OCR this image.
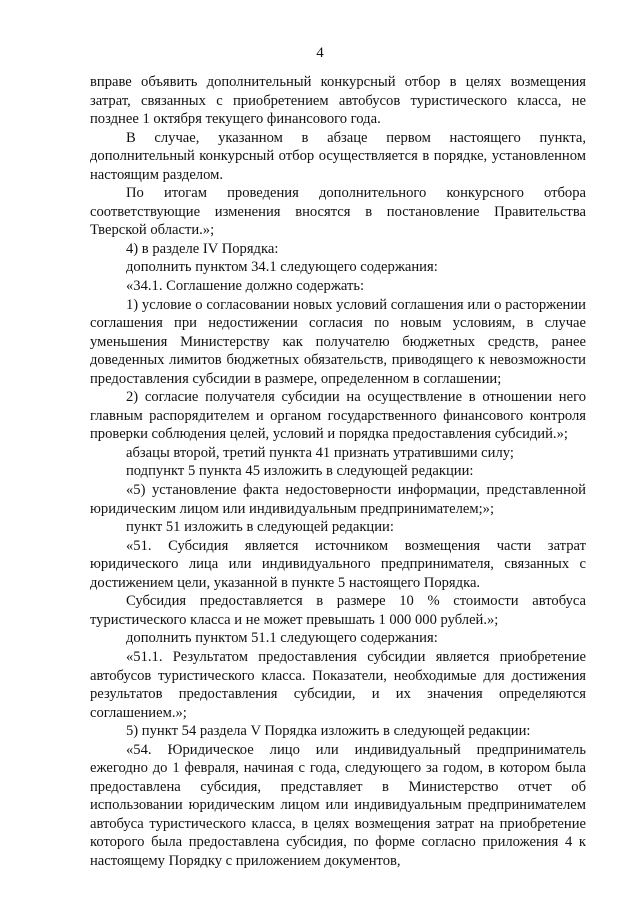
4

вправе объявить дополнительный конкурсный отбор в целях возмещения затрат, связанных с приобретением автобусов туристического класса, не позднее 1 октября текущего финансового года.

В случае, указанном в абзаце первом настоящего пункта, дополнительный конкурсный отбор осуществляется в порядке, установленном настоящим разделом.

По итогам проведения дополнительного конкурсного отбора соответствующие изменения вносятся в постановление Правительства Тверской области.»;

4) в разделе IV Порядка:

дополнить пунктом 34.1 следующего содержания:

«34.1. Соглашение должно содержать:

1) условие о согласовании новых условий соглашения или о расторжении соглашения при недостижении согласия по новым условиям, в случае уменьшения Министерству как получателю бюджетных средств, ранее доведенных лимитов бюджетных обязательств, приводящего к невозможности предоставления субсидии в размере, определенном в соглашении;

2) согласие получателя субсидии на осуществление в отношении него главным распорядителем и органом государственного финансового контроля проверки соблюдения целей, условий и порядка предоставления субсидий.»;

абзацы второй, третий пункта 41 признать утратившими силу;

подпункт 5 пункта 45 изложить в следующей редакции:

«5) установление факта недостоверности информации, представленной юридическим лицом или индивидуальным предпринимателем;»;

пункт 51 изложить в следующей редакции:

«51. Субсидия является источником возмещения части затрат юридического лица или индивидуального предпринимателя, связанных с достижением цели, указанной в пункте 5 настоящего Порядка.

Субсидия предоставляется в размере 10 % стоимости автобуса туристического класса и не может превышать 1 000 000 рублей.»;

дополнить пунктом 51.1 следующего содержания:

«51.1. Результатом предоставления субсидии является приобретение автобусов туристического класса. Показатели, необходимые для достижения результатов предоставления субсидии, и их значения определяются соглашением.»;

5) пункт 54 раздела V Порядка изложить в следующей редакции:

«54. Юридическое лицо или индивидуальный предприниматель ежегодно до 1 февраля, начиная с года, следующего за годом, в котором была предоставлена субсидия, представляет в Министерство отчет об использовании юридическим лицом или индивидуальным предпринимателем автобуса туристического класса, в целях возмещения затрат на приобретение которого была предоставлена субсидия, по форме согласно приложения 4 к настоящему Порядку с приложением документов,
